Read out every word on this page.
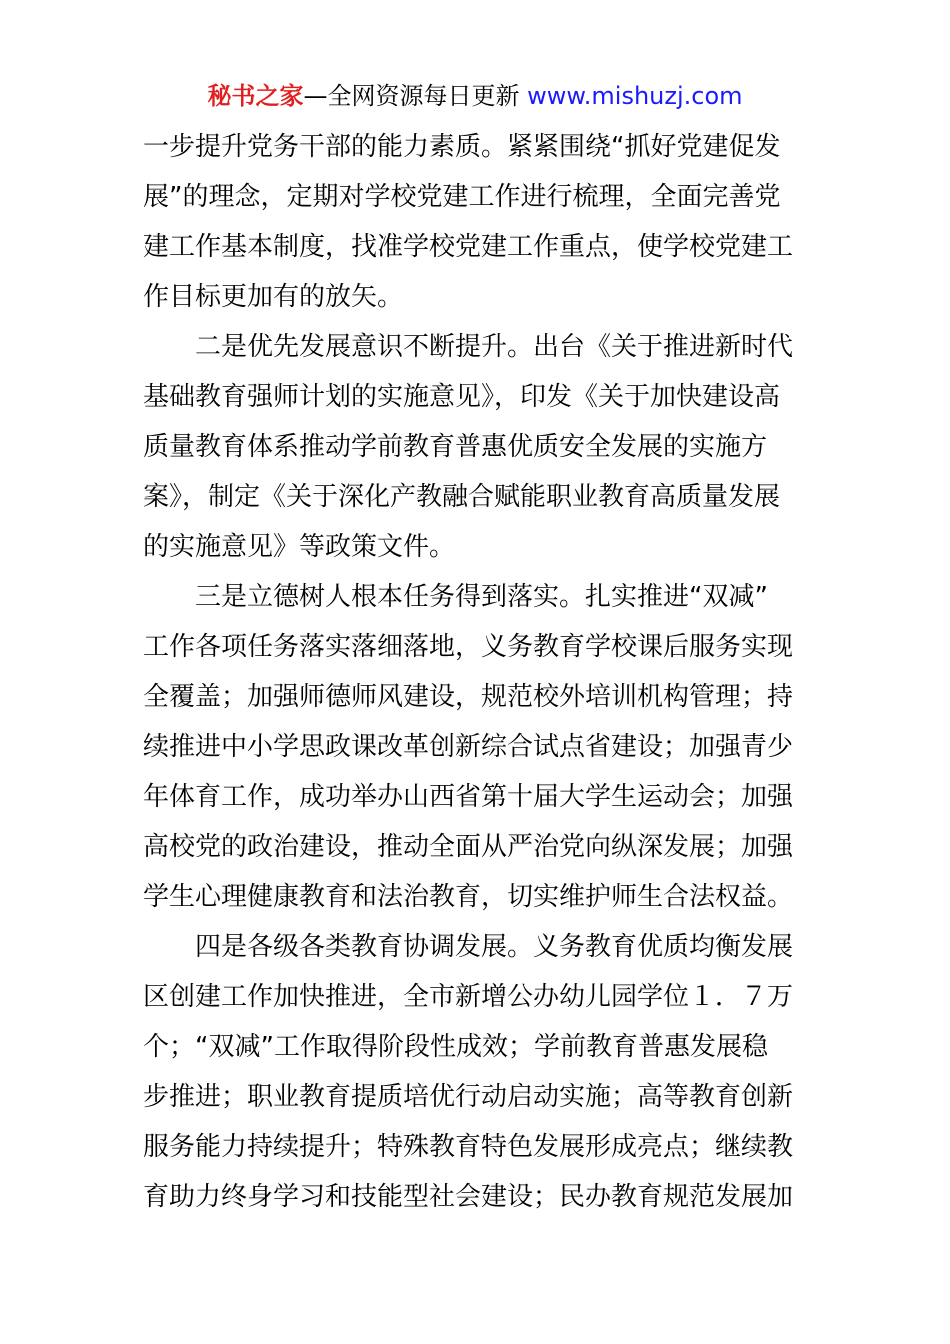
秘书之家—全网资源每日更新 www.mishuzj.com
一步提升党务干部的能力素质。紧紧围绕“抓好党建促发
展”的理念，定期对学校党建工作进行梳理，全面完善党
建工作基本制度，找准学校党建工作重点，使学校党建工
作目标更加有的放矢。
　　二是优先发展意识不断提升。出台《关于推进新时代
基础教育强师计划的实施意见》，印发《关于加快建设高
质量教育体系推动学前教育普惠优质安全发展的实施方
案》，制定《关于深化产教融合赋能职业教育高质量发展
的实施意见》等政策文件。
　　三是立德树人根本任务得到落实。扎实推进“双减”
工作各项任务落实落细落地，义务教育学校课后服务实现
全覆盖；加强师德师风建设，规范校外培训机构管理；持
续推进中小学思政课改革创新综合试点省建设；加强青少
年体育工作，成功举办山西省第十届大学生运动会；加强
高校党的政治建设，推动全面从严治党向纵深发展；加强
学生心理健康教育和法治教育，切实维护师生合法权益。
　　四是各级各类教育协调发展。义务教育优质均衡发展
区创建工作加快推进，全市新增公办幼儿园学位１．７万
个；“双减”工作取得阶段性成效；学前教育普惠发展稳
步推进；职业教育提质培优行动启动实施；高等教育创新
服务能力持续提升；特殊教育特色发展形成亮点；继续教
育助力终身学习和技能型社会建设；民办教育规范发展加
